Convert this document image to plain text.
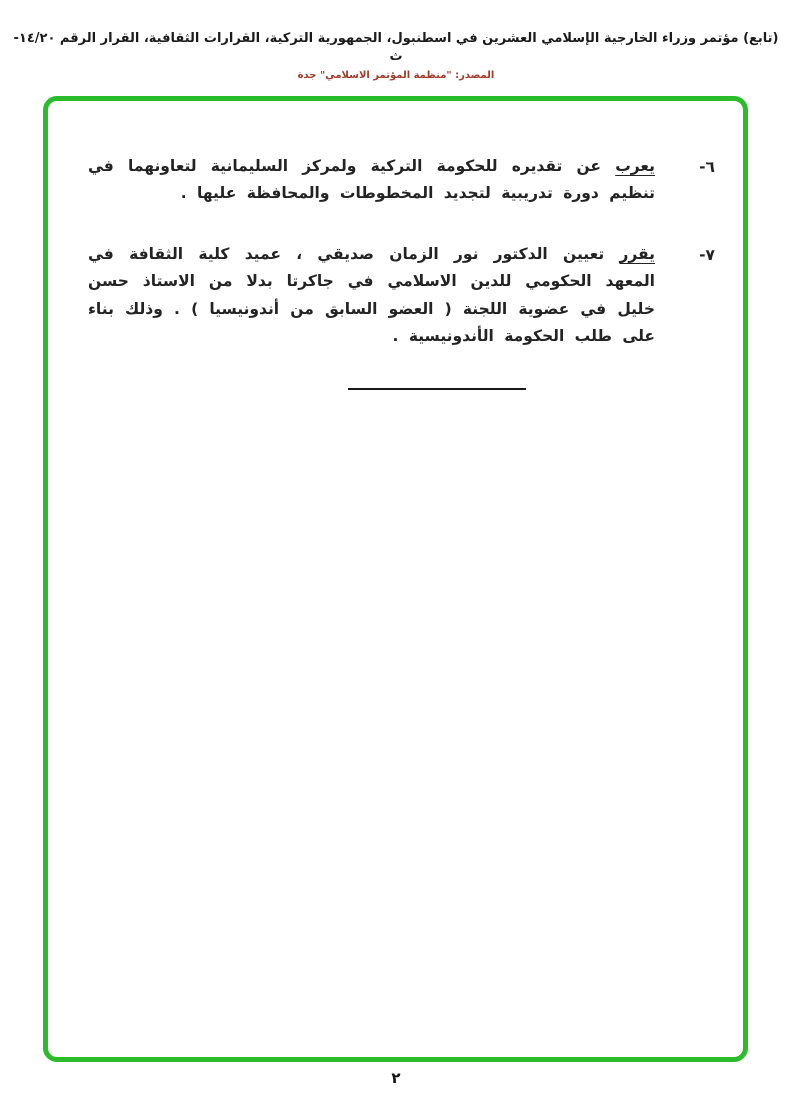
(تابع) مؤتمر وزراء الخارجية الإسلامي العشرين في اسطنبول، الجمهورية التركية، القرارات الثقافية، القرار الرقم ١٤/٢٠-ث
المصدر: "منظمة المؤتمر الاسلامي" جدة
٦-
يعرب عن تقديره للحكومة التركية ولمركز السليمانية لتعاونهما في تنظيم دورة تدريبية لتجديد المخطوطات والمحافظة عليها .
٧-
يقرر تعيين الدكتور نور الزمان صديقي ، عميد كلية الثقافة في المعهد الحكومي للدين الاسلامي في جاكرتا بدلا من الاستاذ حسن خليل في عضوية اللجنة ( العضو السابق من أندونيسيا ) . وذلك بناء على طلب الحكومة الأندونيسية .
٢
